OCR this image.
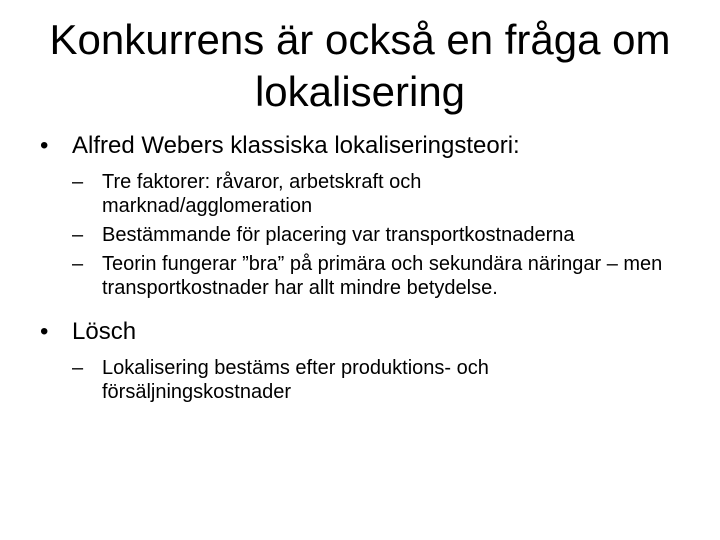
Konkurrens är också en fråga om lokalisering
• Alfred Webers klassiska lokaliseringsteori:
– Tre faktorer: råvaror, arbetskraft och marknad/agglomeration
– Bestämmande för placering var transportkostnaderna
– Teorin fungerar ”bra” på primära och sekundära näringar – men transportkostnader har allt mindre betydelse.
• Lösch
– Lokalisering bestäms efter produktions- och försäljningskostnader
